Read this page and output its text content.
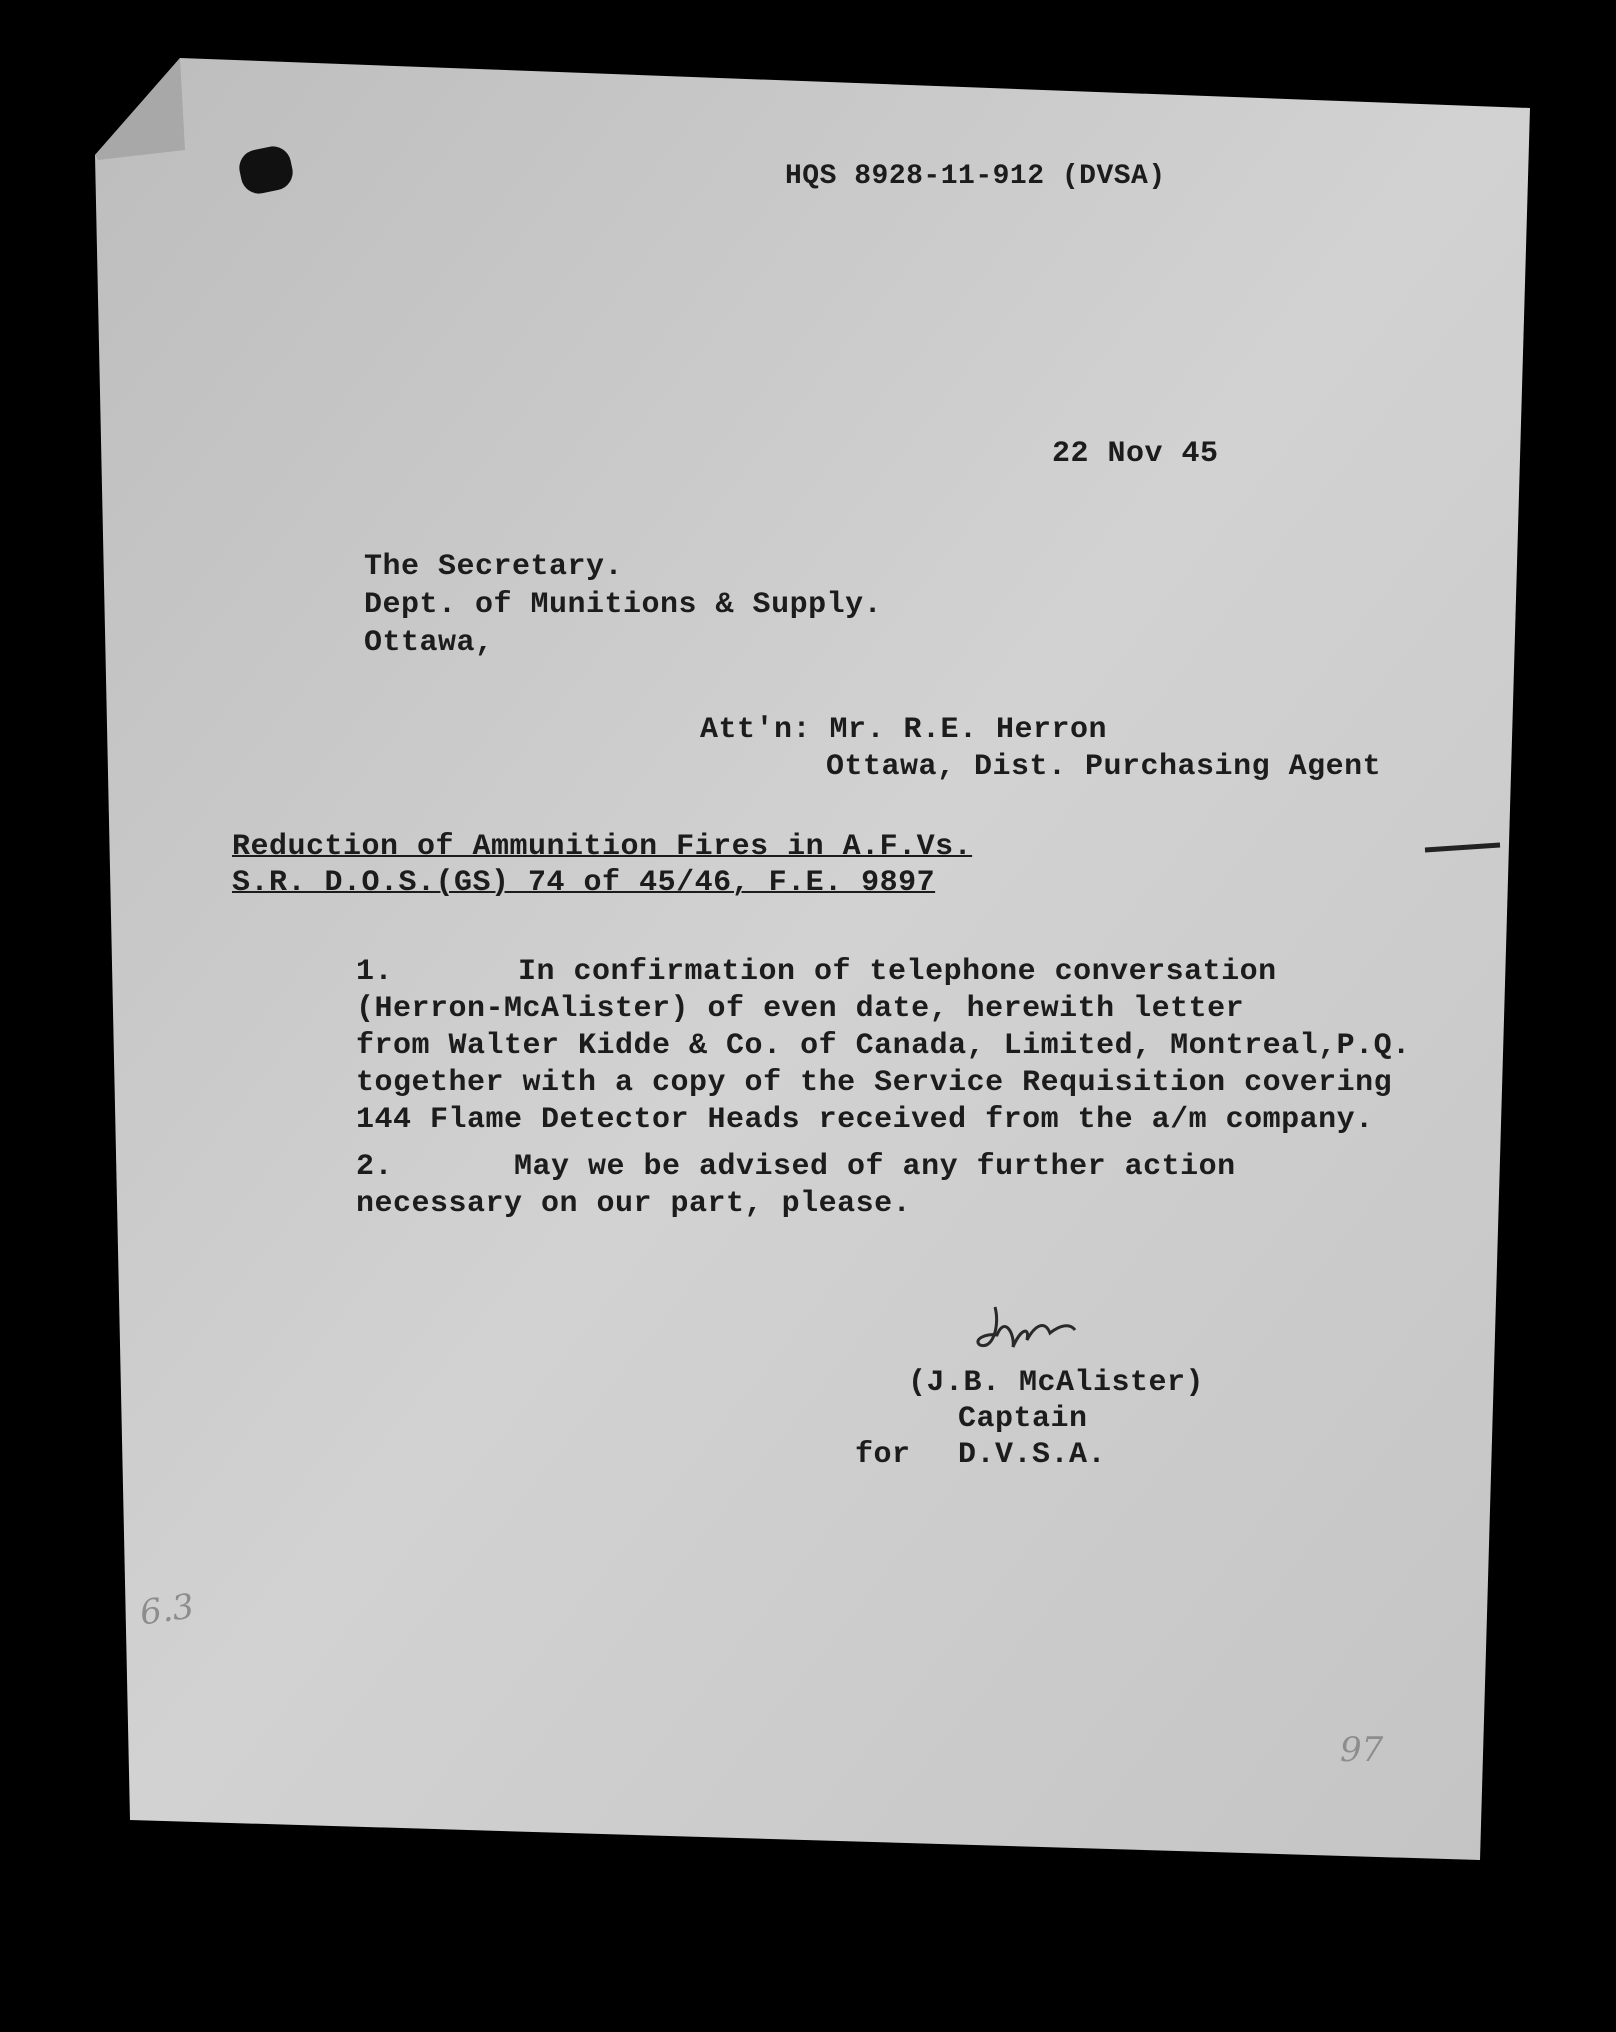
HQS 8928-11-912 (DVSA)
22 Nov 45
The Secretary.
Dept. of Munitions & Supply.
Ottawa,
Att'n: Mr. R.E. Herron
Ottawa, Dist. Purchasing Agent
Reduction of Ammunition Fires in A.F.Vs.
S.R. D.O.S.(GS) 74 of 45/46, F.E. 9897
1.	In confirmation of telephone conversation
(Herron-McAlister) of even date, herewith letter
from Walter Kidde & Co. of Canada, Limited, Montreal,P.Q.
together with a copy of the Service Requisition covering
144 Flame Detector Heads received from the a/m company.
2.	May we be advised of any further action
necessary on our part, please.
(J.B. McAlister)
Captain
for D.V.S.A.
6.3
97
